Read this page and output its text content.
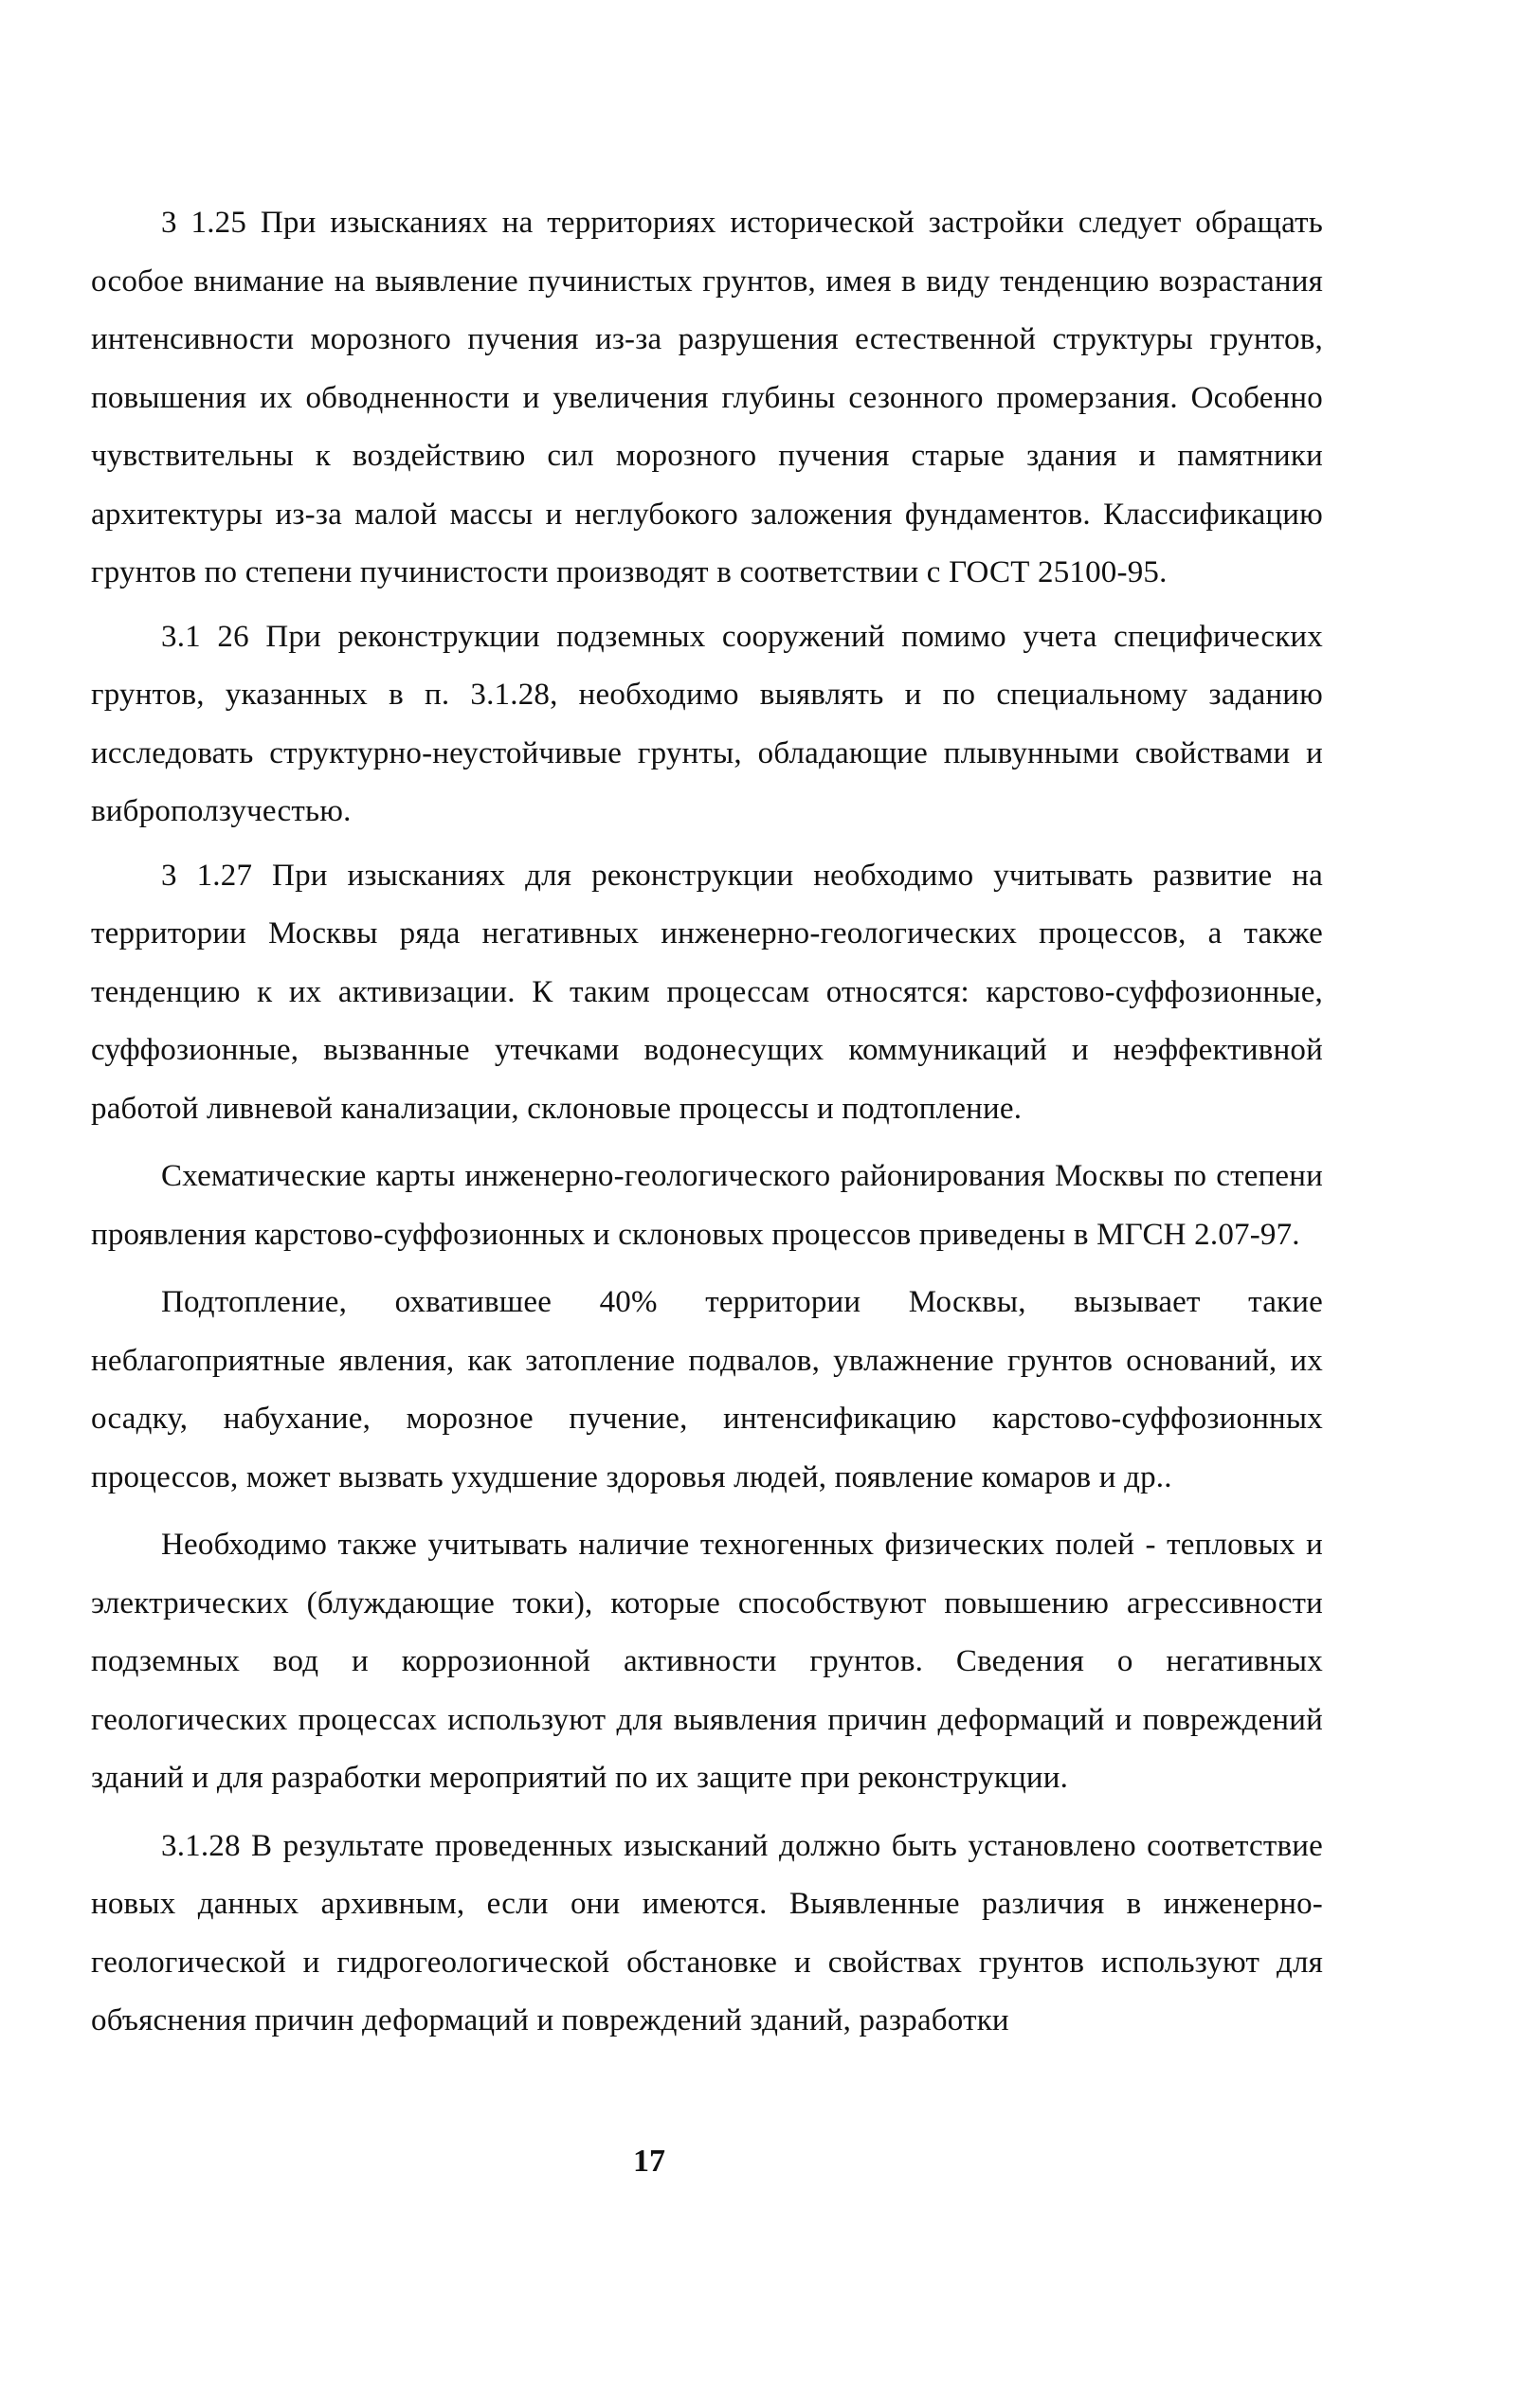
3 1.25 При изысканиях на территориях исторической застройки следует обращать особое внимание на выявление пучинистых грунтов, имея в виду тенденцию возрастания интенсивности морозного пучения из-за разрушения естественной структуры грунтов, повышения их обводненности и увеличения глубины сезонного промерзания. Особенно чувствительны к воздействию сил морозного пучения старые здания и памятники архитектуры из-за малой массы и неглубокого заложения фундаментов. Классификацию грунтов по степени пучинистости производят в соответствии с ГОСТ 25100-95.

3.1 26 При реконструкции подземных сооружений помимо учета специфических грунтов, указанных в п. 3.1.28, необходимо выявлять и по специальному заданию исследовать структурно-неустойчивые грунты, обладающие плывунными свойствами и виброползучестью.

3 1.27 При изысканиях для реконструкции необходимо учитывать развитие на территории Москвы ряда негативных инженерно-геологических процессов, а также тенденцию к их активизации. К таким процессам относятся: карстово-суффозионные, суффозионные, вызванные утечками водонесущих коммуникаций и неэффективной работой ливневой канализации, склоновые процессы и подтопление.

Схематические карты инженерно-геологического районирования Москвы по степени проявления карстово-суффозионных и склоновых процессов приведены в МГСН 2.07-97.

Подтопление, охватившее 40% территории Москвы, вызывает такие неблагоприятные явления, как затопление подвалов, увлажнение грунтов оснований, их осадку, набухание, морозное пучение, интенсификацию карстово-суффозионных процессов, может вызвать ухудшение здоровья людей, появление комаров и др..

Необходимо также учитывать наличие техногенных физических полей - тепловых и электрических (блуждающие токи), которые способствуют повышению агрессивности подземных вод и коррозионной активности грунтов. Сведения о негативных геологических процессах используют для выявления причин деформаций и повреждений зданий и для разработки мероприятий по их защите при реконструкции.

3.1.28 В результате проведенных изысканий должно быть установлено соответствие новых данных архивным, если они имеются. Выявленные различия в инженерно-геологической и гидрогеологической обстановке и свойствах грунтов используют для объяснения причин деформаций и повреждений зданий, разработки

17
